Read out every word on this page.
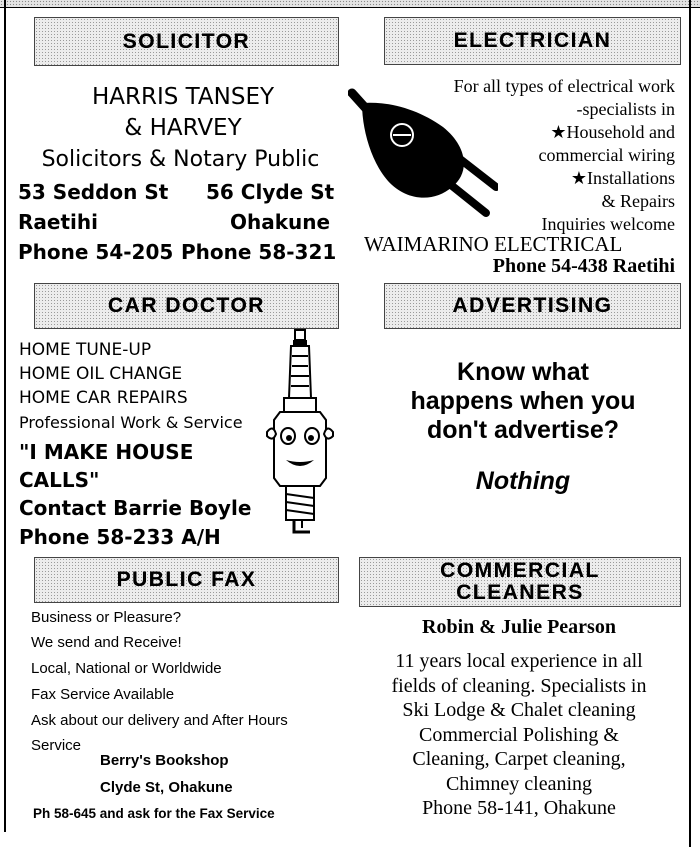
SOLICITOR
HARRIS TANSEY
& HARVEY
Solicitors & Notary Public
53 Seddon St 56 Clyde St
Raetihi	Ohakune
Phone 54-205 Phone 58-321
ELECTRICIAN
For all types of electrical work
-specialists in
★Household and
commercial wiring
★Installations
& Repairs
Inquiries welcome
WAIMARINO ELECTRICAL
Phone 54-438 Raetihi
CAR DOCTOR
HOME TUNE-UP
HOME OIL CHANGE
HOME CAR REPAIRS
Professional Work & Service
"I MAKE HOUSE
CALLS"
Contact Barrie Boyle
Phone 58-233 A/H
ADVERTISING
Know what
happens when you
don't advertise?
Nothing
PUBLIC FAX
Business or Pleasure?
We send and Receive!
Local, National or Worldwide
Fax Service Available
Ask about our delivery and After Hours
Service
Berry's Bookshop
Clyde St, Ohakune
Ph 58-645 and ask for the Fax Service
COMMERCIAL
CLEANERS
Robin & Julie Pearson
11 years local experience in all
fields of cleaning. Specialists in
Ski Lodge & Chalet cleaning
Commercial Polishing &
Cleaning, Carpet cleaning,
Chimney cleaning
Phone 58-141, Ohakune
